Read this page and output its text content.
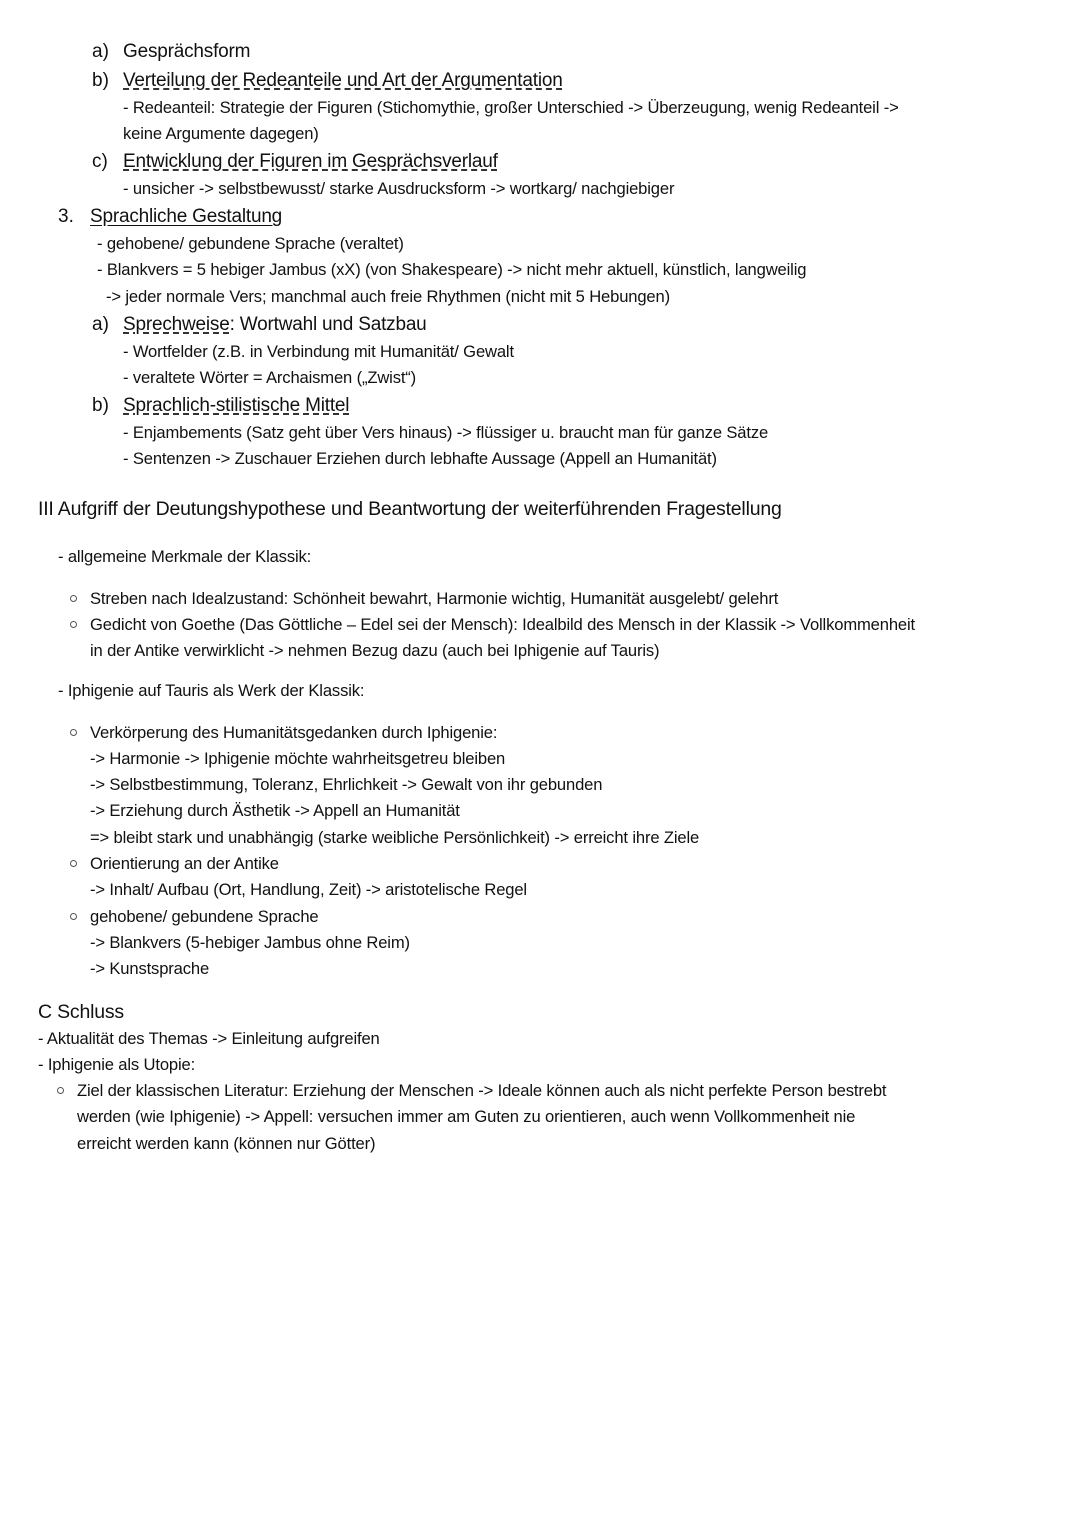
a) Gesprächsform
b) Verteilung der Redeanteile und Art der Argumentation
- Redeanteil: Strategie der Figuren (Stichomythie, großer Unterschied -> Überzeugung, wenig Redeanteil ->
keine Argumente dagegen)
c) Entwicklung der Figuren im Gesprächsverlauf
- unsicher -> selbstbewusst/ starke Ausdrucksform -> wortkarg/ nachgiebiger
3. Sprachliche Gestaltung
- gehobene/ gebundene Sprache (veraltet)
- Blankvers = 5 hebiger Jambus (xX) (von Shakespeare) -> nicht mehr aktuell, künstlich, langweilig
-> jeder normale Vers; manchmal auch freie Rhythmen (nicht mit 5 Hebungen)
a) Sprechweise: Wortwahl und Satzbau
- Wortfelder (z.B. in Verbindung mit Humanität/ Gewalt
- veraltete Wörter = Archaismen („Zwist“)
b) Sprachlich-stilistische Mittel
- Enjambements (Satz geht über Vers hinaus) -> flüssiger u. braucht man für ganze Sätze
- Sentenzen -> Zuschauer Erziehen durch lebhafte Aussage (Appell an Humanität)
III Aufgriff der Deutungshypothese und Beantwortung der weiterführenden Fragestellung
- allgemeine Merkmale der Klassik:
Streben nach Idealzustand: Schönheit bewahrt, Harmonie wichtig, Humanität ausgelebt/ gelehrt
Gedicht von Goethe (Das Göttliche – Edel sei der Mensch): Idealbild des Mensch in der Klassik -> Vollkommenheit
in der Antike verwirklicht -> nehmen Bezug dazu (auch bei Iphigenie auf Tauris)
- Iphigenie auf Tauris als Werk der Klassik:
Verkörperung des Humanitätsgedanken durch Iphigenie:
-> Harmonie -> Iphigenie möchte wahrheitsgetreu bleiben
-> Selbstbestimmung, Toleranz, Ehrlichkeit -> Gewalt von ihr gebunden
-> Erziehung durch Ästhetik -> Appell an Humanität
=> bleibt stark und unabhängig (starke weibliche Persönlichkeit) -> erreicht ihre Ziele
Orientierung an der Antike
-> Inhalt/ Aufbau (Ort, Handlung, Zeit) -> aristotelische Regel
gehobene/ gebundene Sprache
-> Blankvers (5-hebiger Jambus ohne Reim)
-> Kunstsprache
C Schluss
- Aktualität des Themas -> Einleitung aufgreifen
- Iphigenie als Utopie:
Ziel der klassischen Literatur: Erziehung der Menschen -> Ideale können auch als nicht perfekte Person bestrebt
werden (wie Iphigenie) -> Appell: versuchen immer am Guten zu orientieren, auch wenn Vollkommenheit nie
erreicht werden kann (können nur Götter)
